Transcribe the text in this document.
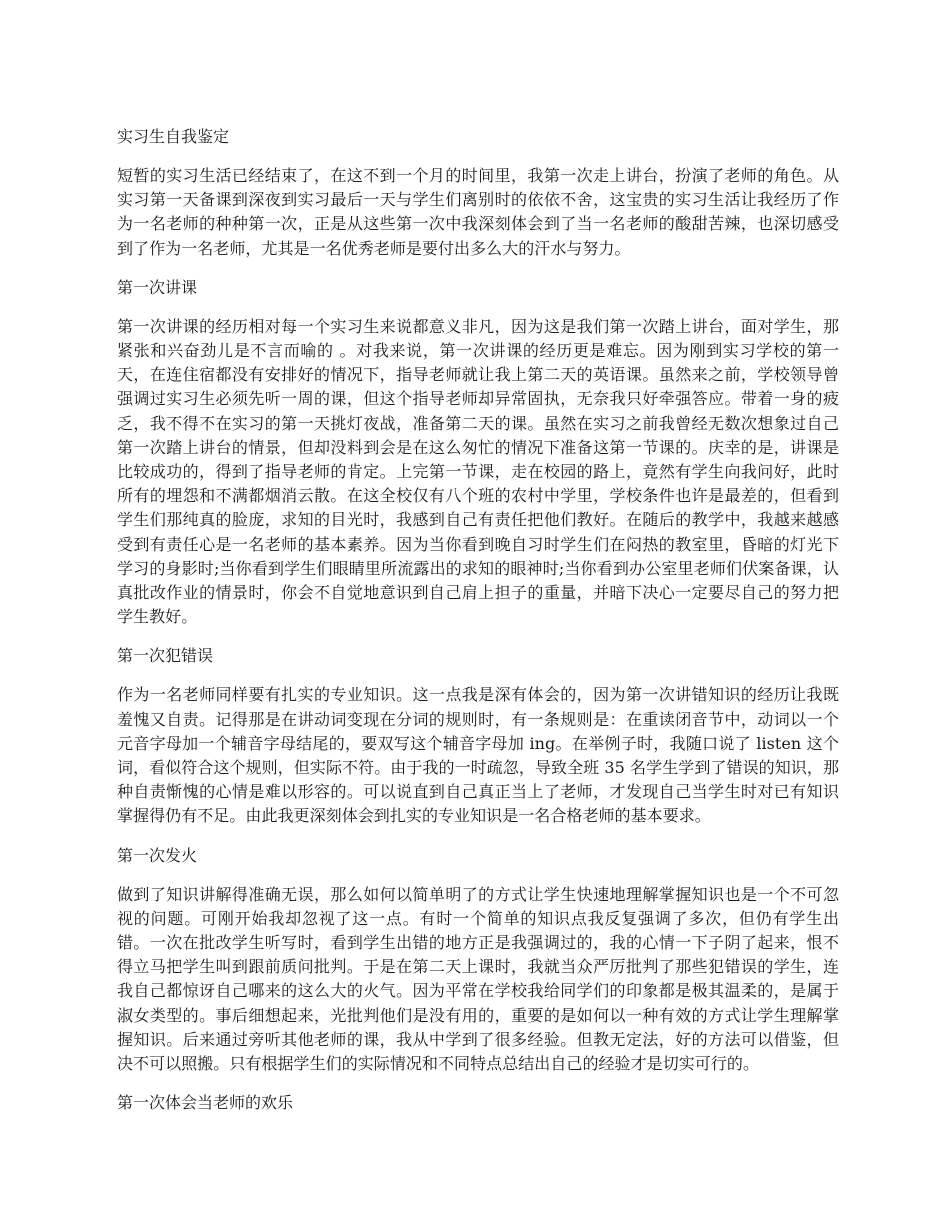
实习生自我鉴定
短暂的实习生活已经结束了，在这不到一个月的时间里，我第一次走上讲台，扮演了老师的角色。从实习第一天备课到深夜到实习最后一天与学生们离别时的依依不舍，这宝贵的实习生活让我经历了作为一名老师的种种第一次，正是从这些第一次中我深刻体会到了当一名老师的酸甜苦辣，也深切感受到了作为一名老师，尤其是一名优秀老师是要付出多么大的汗水与努力。
第一次讲课
第一次讲课的经历相对每一个实习生来说都意义非凡，因为这是我们第一次踏上讲台，面对学生，那紧张和兴奋劲儿是不言而喻的 。对我来说，第一次讲课的经历更是难忘。因为刚到实习学校的第一天，在连住宿都没有安排好的情况下，指导老师就让我上第二天的英语课。虽然来之前，学校领导曾强调过实习生必须先听一周的课，但这个指导老师却异常固执，无奈我只好牵强答应。带着一身的疲乏，我不得不在实习的第一天挑灯夜战，准备第二天的课。虽然在实习之前我曾经无数次想象过自己第一次踏上讲台的情景，但却没料到会是在这么匆忙的情况下准备这第一节课的。庆幸的是，讲课是比较成功的，得到了指导老师的肯定。上完第一节课，走在校园的路上，竟然有学生向我问好，此时所有的埋怨和不满都烟消云散。在这全校仅有八个班的农村中学里，学校条件也许是最差的，但看到学生们那纯真的脸庞，求知的目光时，我感到自己有责任把他们教好。在随后的教学中，我越来越感受到有责任心是一名老师的基本素养。因为当你看到晚自习时学生们在闷热的教室里，昏暗的灯光下学习的身影时;当你看到学生们眼睛里所流露出的求知的眼神时;当你看到办公室里老师们伏案备课，认真批改作业的情景时，你会不自觉地意识到自己肩上担子的重量，并暗下决心一定要尽自己的努力把学生教好。
第一次犯错误
作为一名老师同样要有扎实的专业知识。这一点我是深有体会的，因为第一次讲错知识的经历让我既羞愧又自责。记得那是在讲动词变现在分词的规则时，有一条规则是：在重读闭音节中，动词以一个元音字母加一个辅音字母结尾的，要双写这个辅音字母加 ing。在举例子时，我随口说了 listen 这个词，看似符合这个规则，但实际不符。由于我的一时疏忽，导致全班 35 名学生学到了错误的知识，那种自责惭愧的心情是难以形容的。可以说直到自己真正当上了老师，才发现自己当学生时对已有知识掌握得仍有不足。由此我更深刻体会到扎实的专业知识是一名合格老师的基本要求。
第一次发火
做到了知识讲解得准确无误，那么如何以简单明了的方式让学生快速地理解掌握知识也是一个不可忽视的问题。可刚开始我却忽视了这一点。有时一个简单的知识点我反复强调了多次，但仍有学生出错。一次在批改学生听写时，看到学生出错的地方正是我强调过的，我的心情一下子阴了起来，恨不得立马把学生叫到跟前质问批判。于是在第二天上课时，我就当众严厉批判了那些犯错误的学生，连我自己都惊讶自己哪来的这么大的火气。因为平常在学校我给同学们的印象都是极其温柔的，是属于淑女类型的。事后细想起来，光批判他们是没有用的，重要的是如何以一种有效的方式让学生理解掌握知识。后来通过旁听其他老师的课，我从中学到了很多经验。但教无定法，好的方法可以借鉴，但决不可以照搬。只有根据学生们的实际情况和不同特点总结出自己的经验才是切实可行的。
第一次体会当老师的欢乐
